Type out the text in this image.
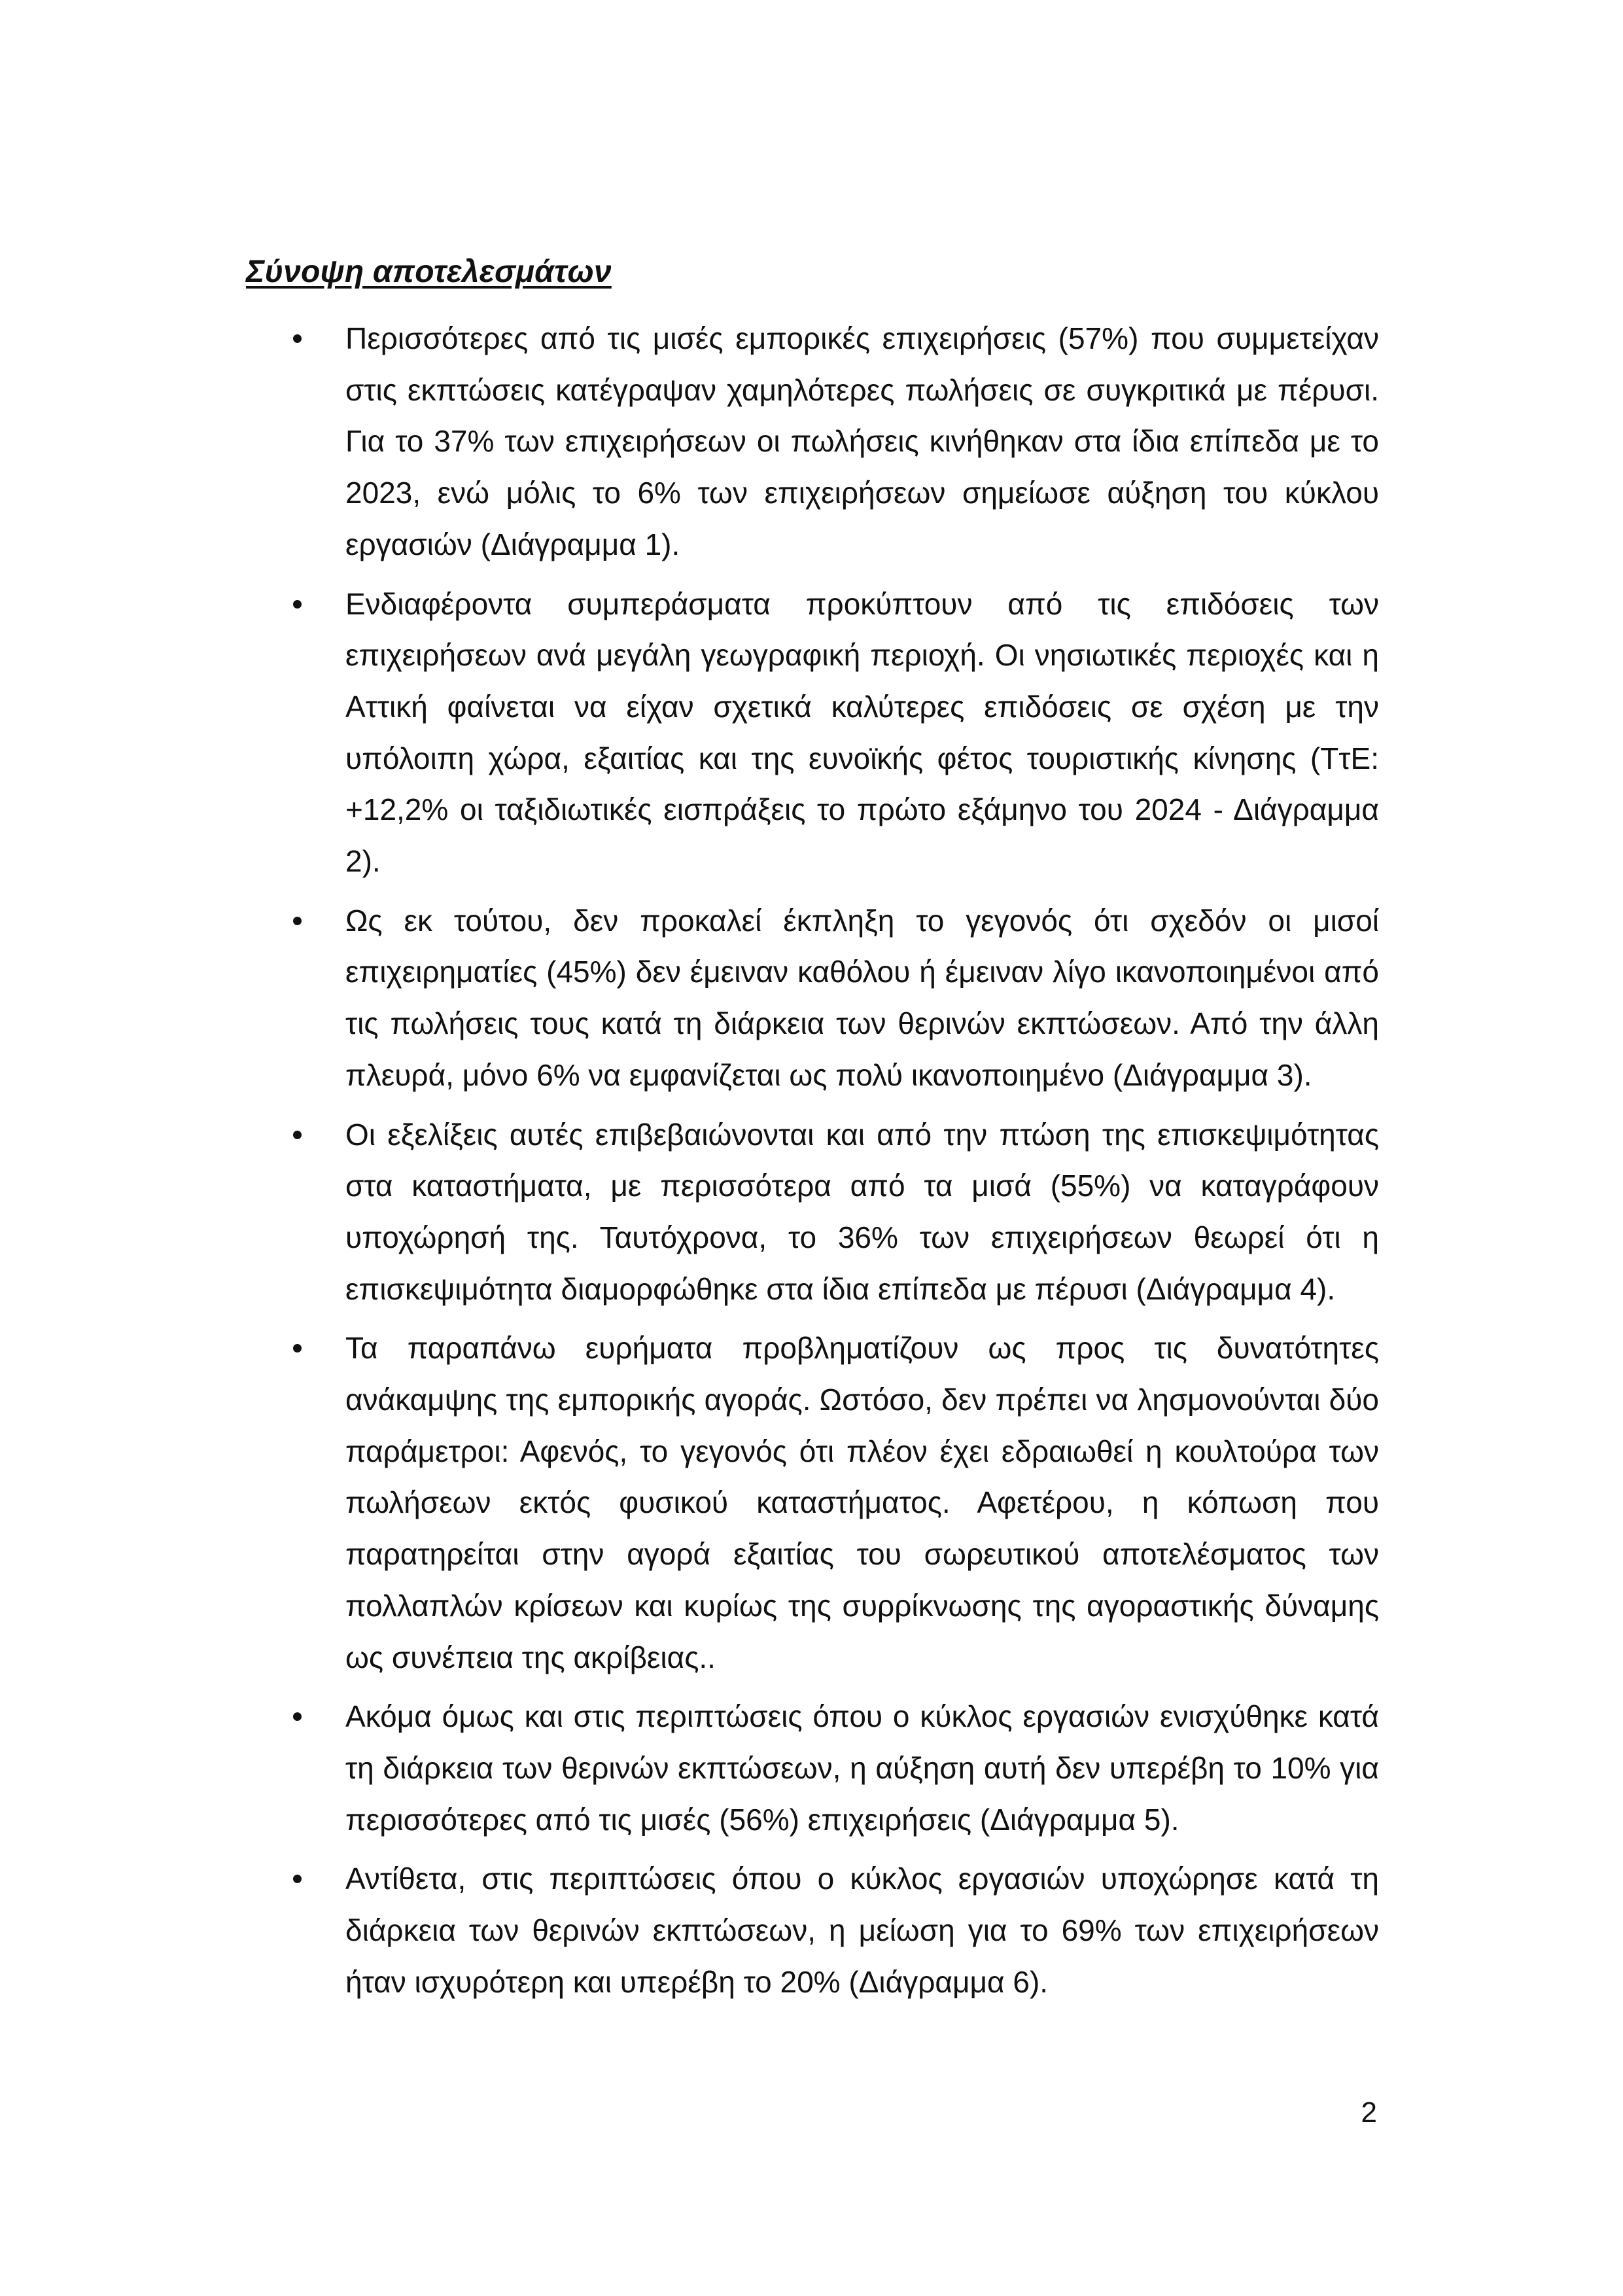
Σύνοψη αποτελεσμάτων
Περισσότερες από τις μισές εμπορικές επιχειρήσεις (57%) που συμμετείχαν στις εκπτώσεις κατέγραψαν χαμηλότερες πωλήσεις σε συγκριτικά με πέρυσι. Για το 37% των επιχειρήσεων οι πωλήσεις κινήθηκαν στα ίδια επίπεδα με το 2023, ενώ μόλις το 6% των επιχειρήσεων σημείωσε αύξηση του κύκλου εργασιών (Διάγραμμα 1).
Ενδιαφέροντα συμπεράσματα προκύπτουν από τις επιδόσεις των επιχειρήσεων ανά μεγάλη γεωγραφική περιοχή. Οι νησιωτικές περιοχές και η Αττική φαίνεται να είχαν σχετικά καλύτερες επιδόσεις σε σχέση με την υπόλοιπη χώρα, εξαιτίας και της ευνοϊκής φέτος τουριστικής κίνησης (ΤτΕ: +12,2% οι ταξιδιωτικές εισπράξεις το πρώτο εξάμηνο του 2024 - Διάγραμμα 2).
Ως εκ τούτου, δεν προκαλεί έκπληξη το γεγονός ότι σχεδόν οι μισοί επιχειρηματίες (45%) δεν έμειναν καθόλου ή έμειναν λίγο ικανοποιημένοι από τις πωλήσεις τους κατά τη διάρκεια των θερινών εκπτώσεων. Από την άλλη πλευρά, μόνο 6% να εμφανίζεται ως πολύ ικανοποιημένο (Διάγραμμα 3).
Οι εξελίξεις αυτές επιβεβαιώνονται και από την πτώση της επισκεψιμότητας στα καταστήματα, με περισσότερα από τα μισά (55%) να καταγράφουν υποχώρησή της. Ταυτόχρονα, το 36% των επιχειρήσεων θεωρεί ότι η επισκεψιμότητα διαμορφώθηκε στα ίδια επίπεδα με πέρυσι (Διάγραμμα 4).
Τα παραπάνω ευρήματα προβληματίζουν ως προς τις δυνατότητες ανάκαμψης της εμπορικής αγοράς. Ωστόσο, δεν πρέπει να λησμονούνται δύο παράμετροι: Αφενός, το γεγονός ότι πλέον έχει εδραιωθεί η κουλτούρα των πωλήσεων εκτός φυσικού καταστήματος. Αφετέρου, η κόπωση που παρατηρείται στην αγορά εξαιτίας του σωρευτικού αποτελέσματος των πολλαπλών κρίσεων και κυρίως της συρρίκνωσης της αγοραστικής δύναμης ως συνέπεια της ακρίβειας..
Ακόμα όμως και στις περιπτώσεις όπου ο κύκλος εργασιών ενισχύθηκε κατά τη διάρκεια των θερινών εκπτώσεων, η αύξηση αυτή δεν υπερέβη το 10% για περισσότερες από τις μισές (56%) επιχειρήσεις (Διάγραμμα 5).
Αντίθετα, στις περιπτώσεις όπου ο κύκλος εργασιών υποχώρησε κατά τη διάρκεια των θερινών εκπτώσεων, η μείωση για το 69% των επιχειρήσεων ήταν ισχυρότερη και υπερέβη το 20% (Διάγραμμα 6).
2
